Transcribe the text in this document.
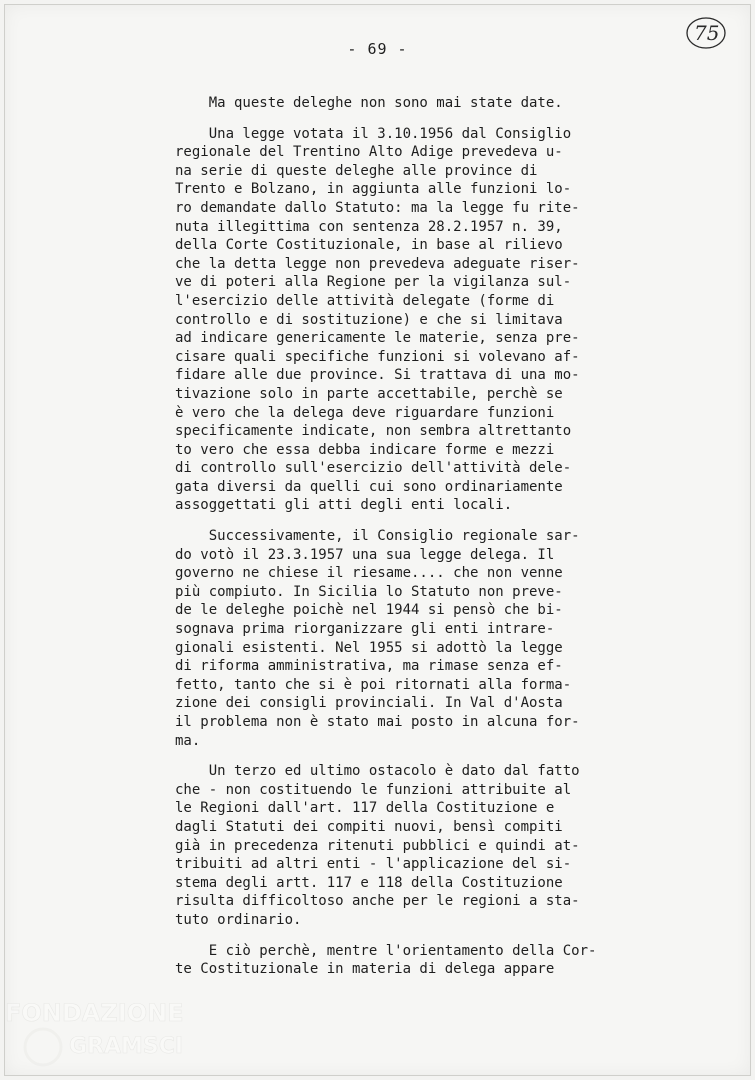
- 69 -
75
Ma queste deleghe non sono mai state date.
Una legge votata il 3.10.1956 dal Consiglio
regionale del Trentino Alto Adige prevedeva u-
na serie di queste deleghe alle province di
Trento e Bolzano, in aggiunta alle funzioni lo-
ro demandate dallo Statuto: ma la legge fu rite-
nuta illegittima con sentenza 28.2.1957 n. 39,
della Corte Costituzionale, in base al rilievo
che la detta legge non prevedeva adeguate riser-
ve di poteri alla Regione per la vigilanza sul-
l'esercizio delle attività delegate (forme di
controllo e di sostituzione) e che si limitava
ad indicare genericamente le materie, senza pre-
cisare quali specifiche funzioni si volevano af-
fidare alle due province. Si trattava di una mo-
tivazione solo in parte accettabile, perchè se
è vero che la delega deve riguardare funzioni
specificamente indicate, non sembra altrettanto
to vero che essa debba indicare forme e mezzi
di controllo sull'esercizio dell'attività dele-
gata diversi da quelli cui sono ordinariamente
assoggettati gli atti degli enti locali.
Successivamente, il Consiglio regionale sar-
do votò il 23.3.1957 una sua legge delega. Il
governo ne chiese il riesame.... che non venne
più compiuto. In Sicilia lo Statuto non preve-
de le deleghe poichè nel 1944 si pensò che bi-
sognava prima riorganizzare gli enti intrare-
gionali esistenti. Nel 1955 si adottò la legge
di riforma amministrativa, ma rimase senza ef-
fetto, tanto che si è poi ritornati alla forma-
zione dei consigli provinciali. In Val d'Aosta
il problema non è stato mai posto in alcuna for-
ma.
Un terzo ed ultimo ostacolo è dato dal fatto
che - non costituendo le funzioni attribuite al
le Regioni dall'art. 117 della Costituzione e
dagli Statuti dei compiti nuovi, bensì compiti
già in precedenza ritenuti pubblici e quindi at-
tribuiti ad altri enti - l'applicazione del si-
stema degli artt. 117 e 118 della Costituzione
risulta difficoltoso anche per le regioni a sta-
tuto ordinario.
E ciò perchè, mentre l'orientamento della Cor-
te Costituzionale in materia di delega appare
FONDAZIONE
GRAMSCI
